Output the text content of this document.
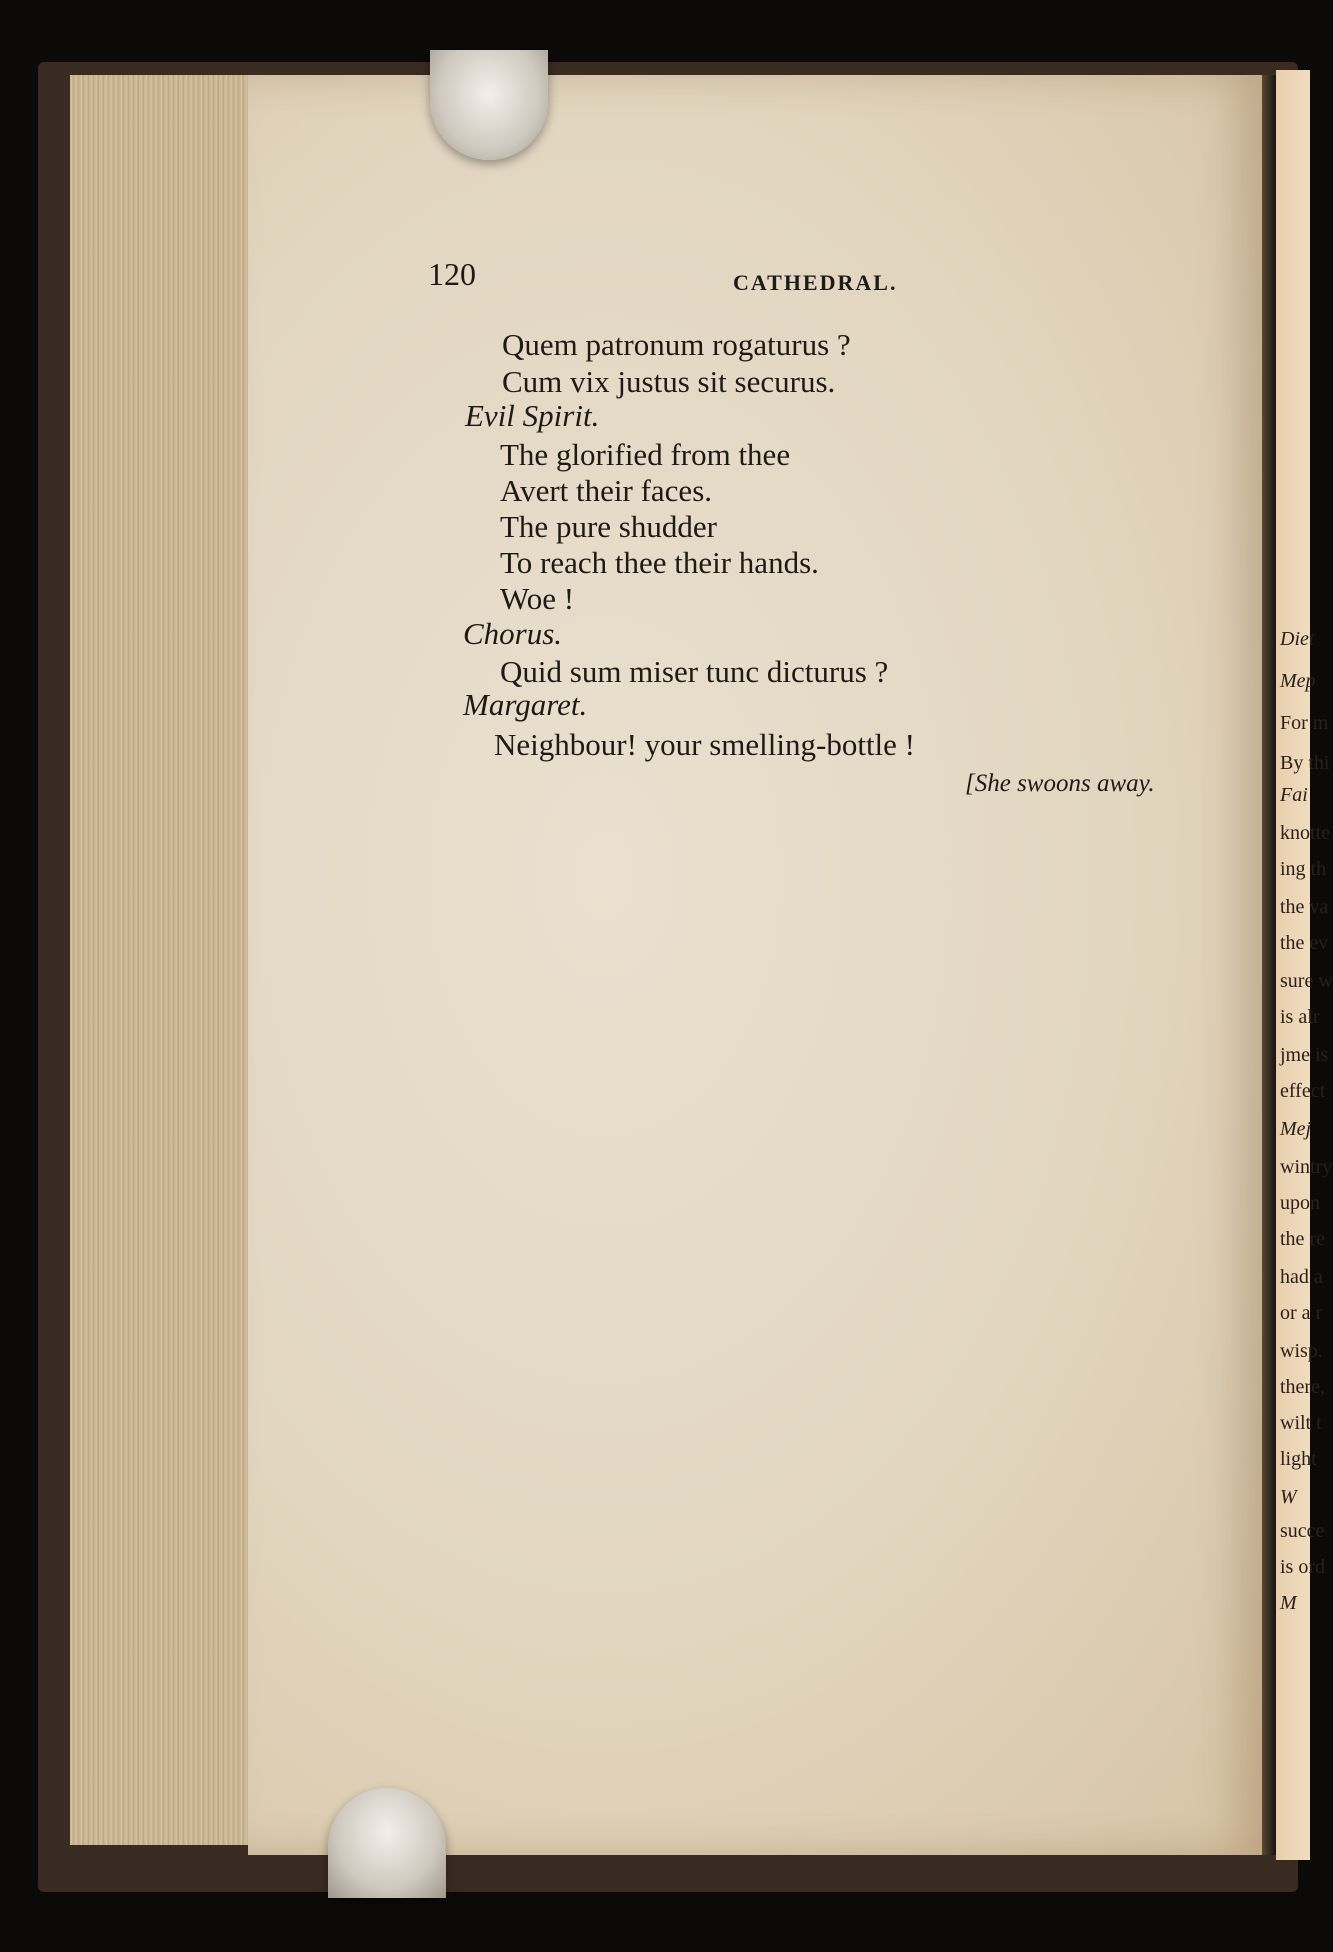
Diet
Mep
For m
By thi
Fai
knotte
ing th
the va
the ev
sure w
is alr
jme is
effect
Mej
wintry
upon
the re
had a
or a r
wisp.
there,
wilt t
light
W
succe
is ord
M
120	CATHEDRAL.
Quem patronum rogaturus ?
Cum vix justus sit securus.
Evil Spirit.
The glorified from thee
Avert their faces.
The pure shudder
To reach thee their hands.
Woe !
Chorus.
Quid sum miser tunc dicturus ?
Margaret.
Neighbour! your smelling-bottle !
[She swoons away.
